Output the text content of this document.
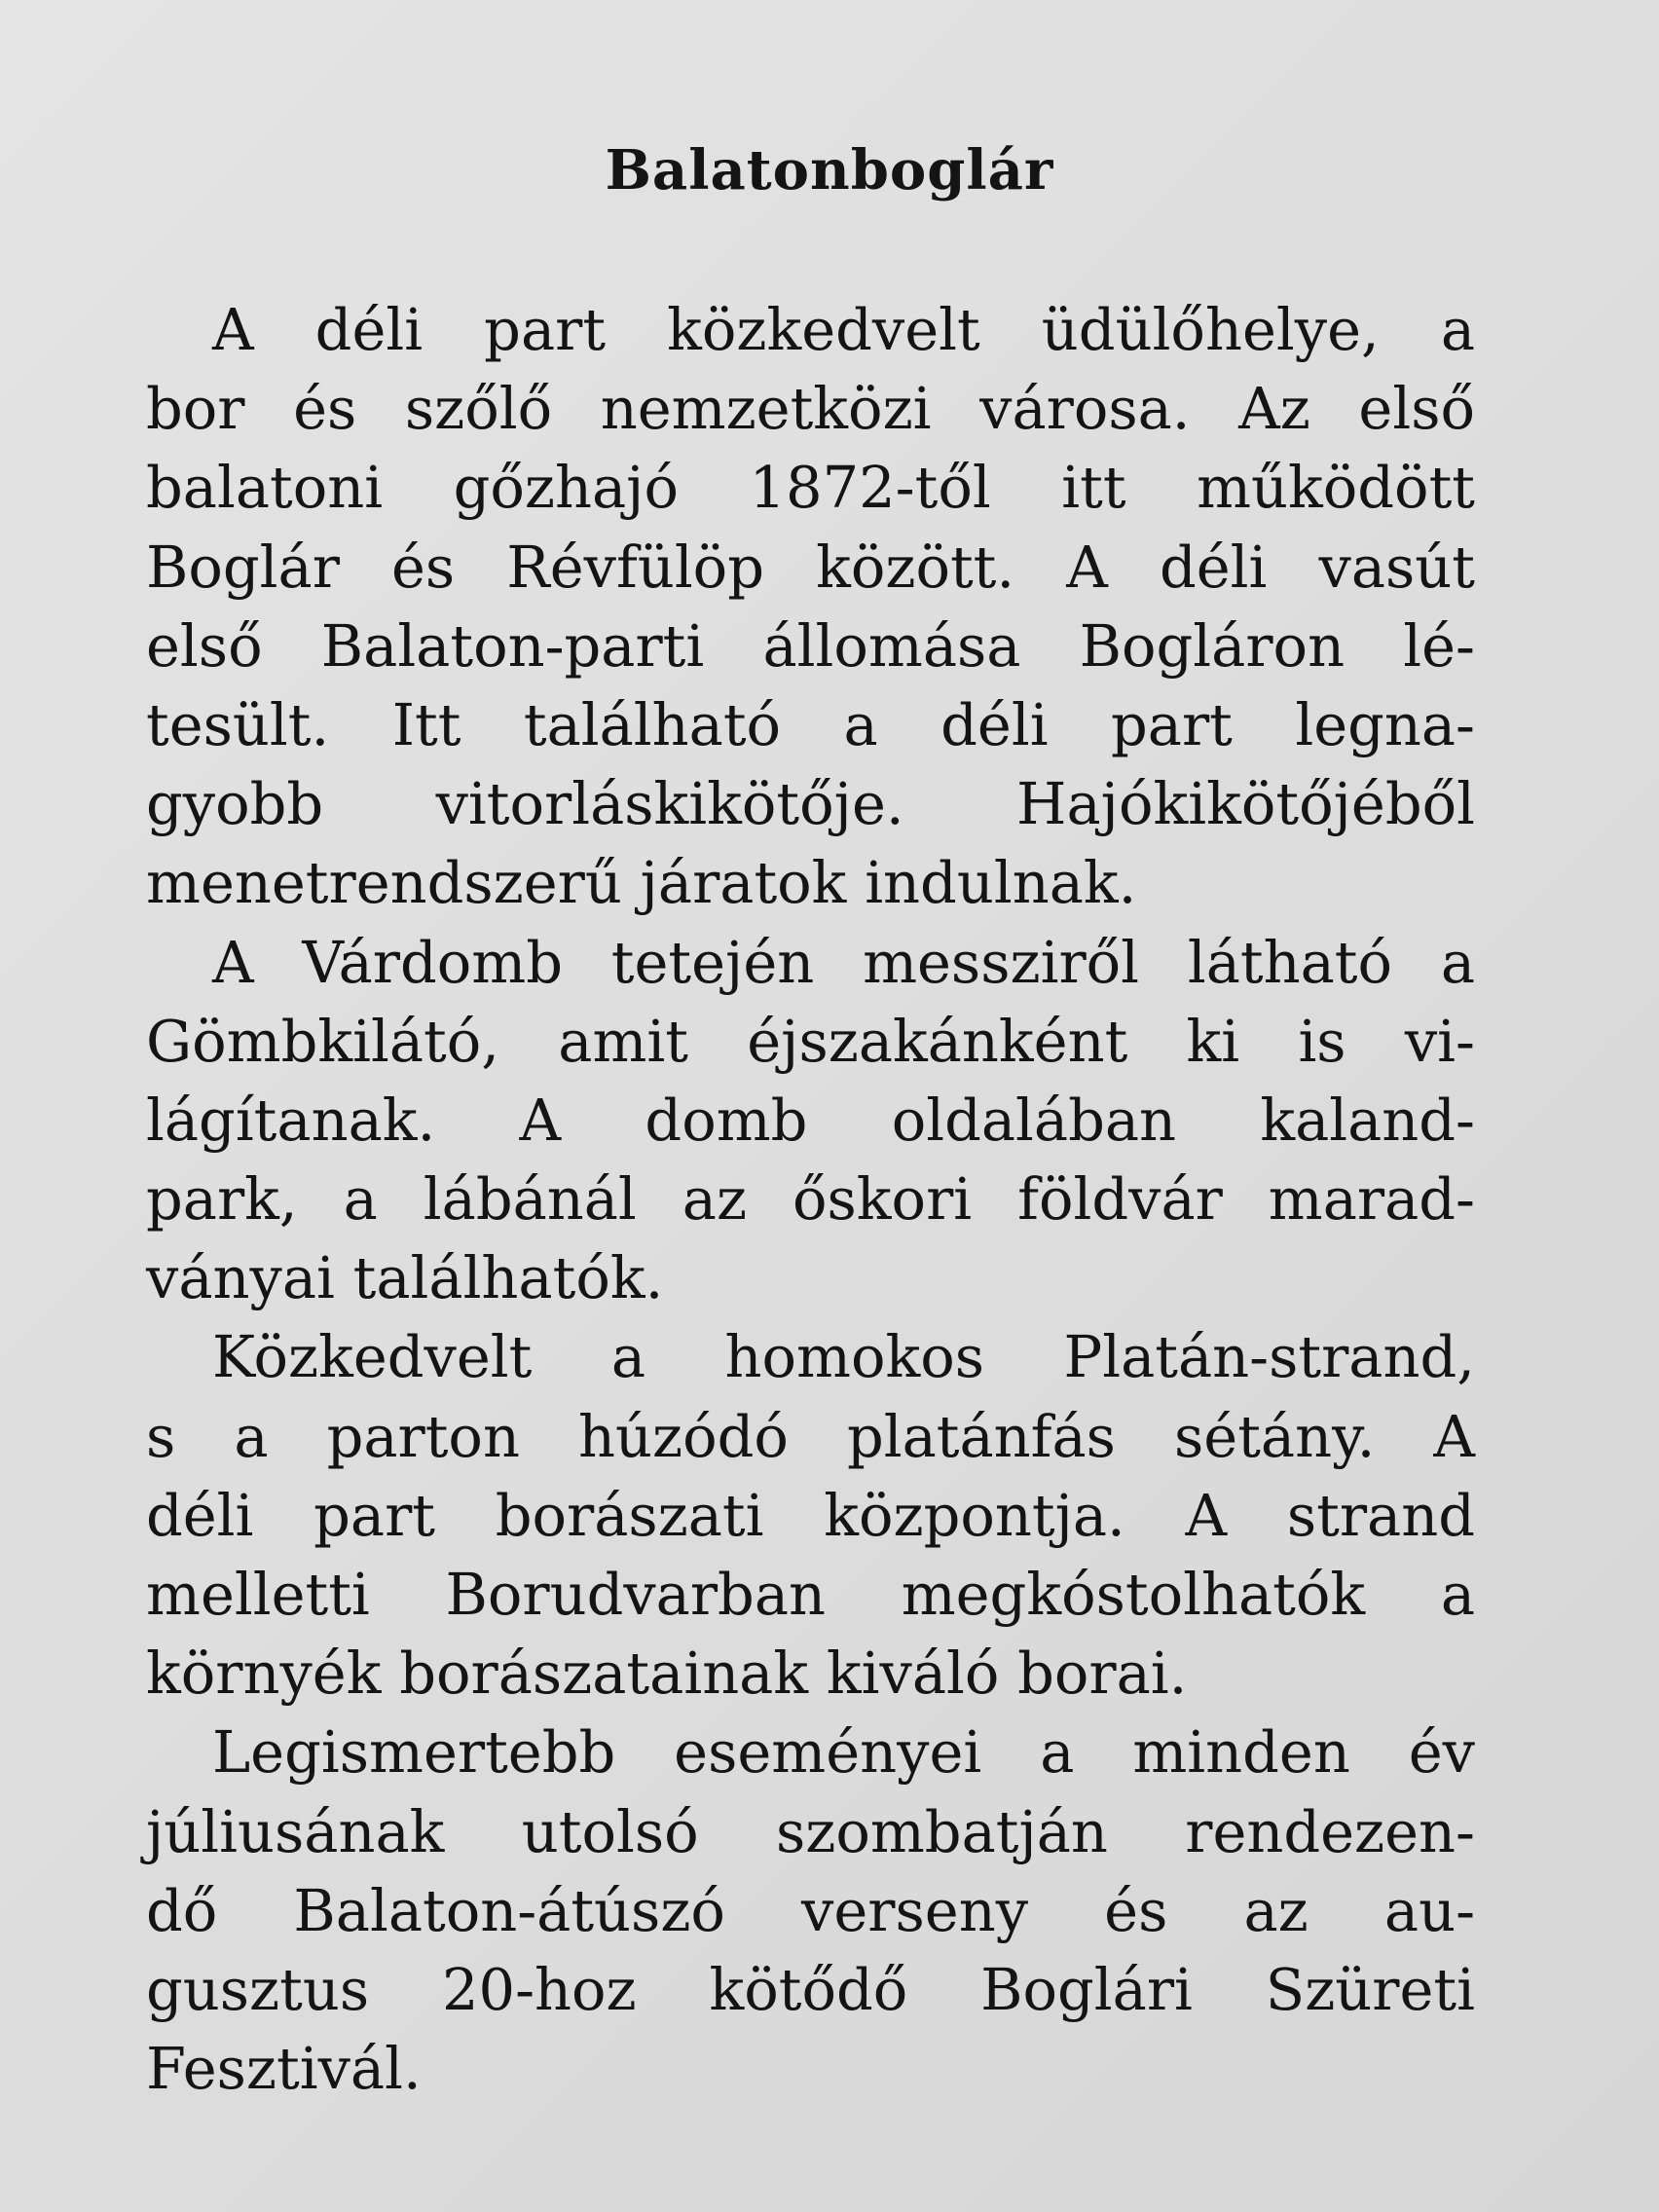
Balatonboglár
A déli part közkedvelt üdülőhelye, a
bor és szőlő nemzetközi városa. Az első
balatoni gőzhajó 1872-től itt működött
Boglár és Révfülöp között. A déli vasút
első Balaton-parti állomása Bogláron lé-
tesült. Itt található a déli part legna-
gyobb vitorláskikötője. Hajókikötőjéből
menetrendszerű járatok indulnak.
A Várdomb tetején messziről látható a
Gömbkilátó, amit éjszakánként ki is vi-
lágítanak. A domb oldalában kaland-
park, a lábánál az őskori földvár marad-
ványai találhatók.
Közkedvelt a homokos Platán-strand,
s a parton húzódó platánfás sétány. A
déli part borászati központja. A strand
melletti Borudvarban megkóstolhatók a
környék borászatainak kiváló borai.
Legismertebb eseményei a minden év
júliusának utolsó szombatján rendezen-
dő Balaton-átúszó verseny és az au-
gusztus 20-hoz kötődő Boglári Szüreti
Fesztivál.
